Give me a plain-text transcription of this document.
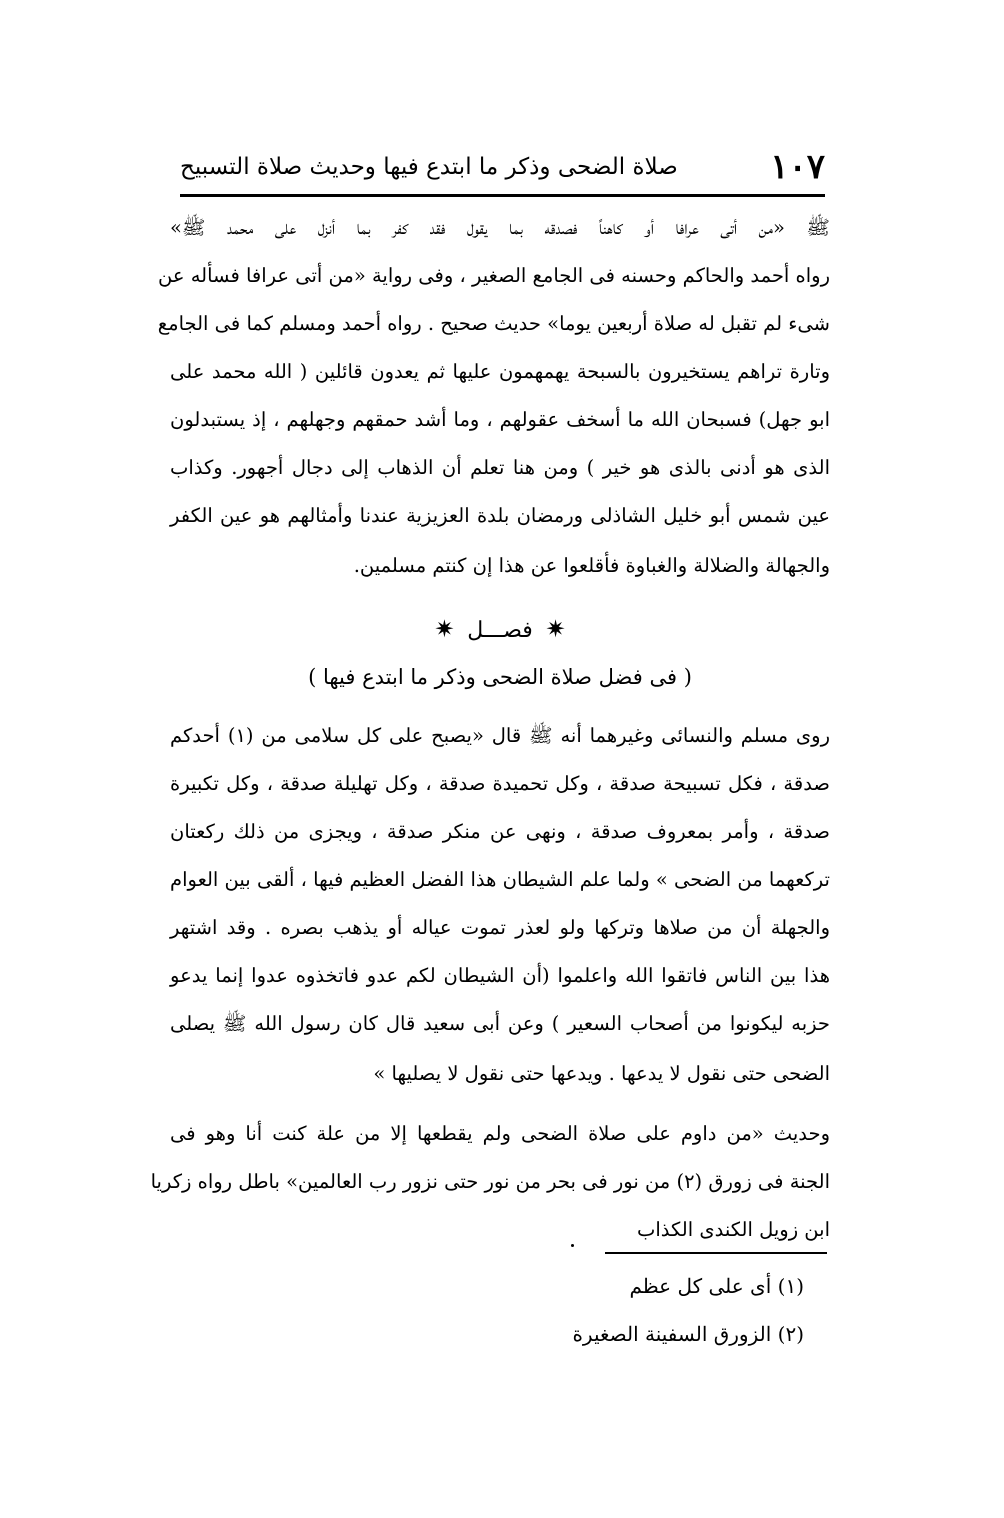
صلاة الضحى وذكر ما ابتدع فيها وحديث صلاة التسبيح	١٠٧
ﷺ «من أتى عرافا أو كاهناً فصدقه بما يقول فقد كفر بما أنزل على محمد ﷺ»
رواه أحمد والحاكم وحسنه فى الجامع الصغير ، وفى رواية «من أتى عرافا فسأله عن
شىء لم تقبل له صلاة أربعين يوما» حديث صحيح . رواه أحمد ومسلم كما فى الجامع
وتارة تراهم يستخيرون بالسبحة يهمهمون عليها ثم يعدون قائلين ( الله محمد على
ابو جهل) فسبحان الله ما أسخف عقولهم ، وما أشد حمقهم وجهلهم ، إذ يستبدلون
الذى هو أدنى بالذى هو خير ) ومن هنا تعلم أن الذهاب إلى دجال أجهور. وكذاب
عين شمس أبو خليل الشاذلى ورمضان بلدة العزيزية عندنا وأمثالهم هو عين الكفر
والجهالة والضلالة والغباوة فأقلعوا عن هذا إن كنتم مسلمين.
✷ فصـــل ✷
( فى فضل صلاة الضحى وذكر ما ابتدع فيها )
روى مسلم والنسائى وغيرهما أنه ﷺ قال «يصبح على كل سلامى من (١) أحدكم
صدقة ، فكل تسبيحة صدقة ، وكل تحميدة صدقة ، وكل تهليلة صدقة ، وكل تكبيرة
صدقة ، وأمر بمعروف صدقة ، ونهى عن منكر صدقة ، ويجزى من ذلك ركعتان
تركعهما من الضحى » ولما علم الشيطان هذا الفضل العظيم فيها ، ألقى بين العوام
والجهلة أن من صلاها وتركها ولو لعذر تموت عياله أو يذهب بصره . وقد اشتهر
هذا بين الناس فاتقوا الله واعلموا (أن الشيطان لكم عدو فاتخذوه عدوا إنما يدعو
حزبه ليكونوا من أصحاب السعير ) وعن أبى سعيد قال كان رسول الله ﷺ يصلى
الضحى حتى نقول لا يدعها . ويدعها حتى نقول لا يصليها »
وحديث «من داوم على صلاة الضحى ولم يقطعها إلا من علة كنت أنا وهو فى
الجنة فى زورق (٢) من نور فى بحر من نور حتى نزور رب العالمين» باطل رواه زكريا
ابن زويل الكندى الكذاب
(١) أى على كل عظم
(٢) الزورق السفينة الصغيرة
